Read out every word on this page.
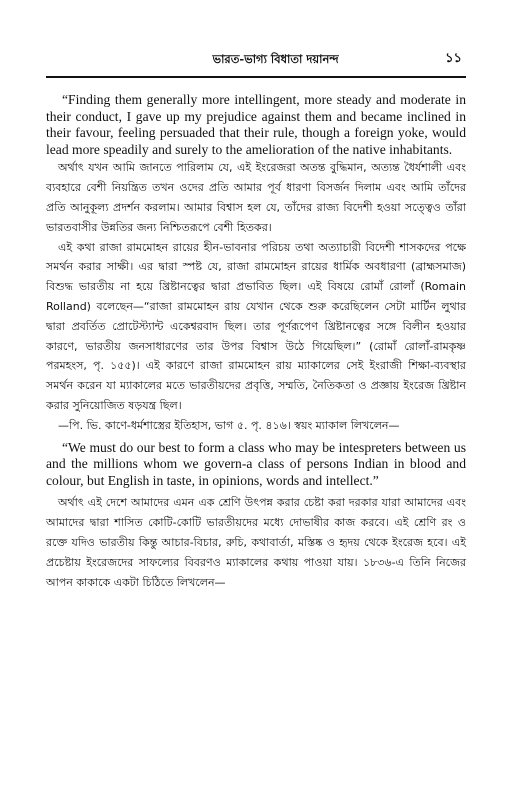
ভারত-ভাগ্য বিধাতা দয়ানন্দ	১১

“Finding them generally more intellingent, more steady and moderate in their conduct, I gave up my prejudice against them and became inclined in their favour, feeling persuaded that their rule, though a foreign yoke, would lead more speadily and surely to the amelioration of the native inhabitants.

অর্থাৎ যখন আমি জানতে পারিলাম যে, এই ইংরেজরা অতন্ত বুদ্ধিমান, অত্যন্ত ধৈর্যশালী এবং ব্যবহারে বেশী নিয়ন্ত্রিত তখন ওদের প্রতি আমার পূর্ব ধারণা বিসর্জন দিলাম এবং আমি তাঁদের প্রতি আনুকূল্য প্রদর্শন করলাম। আমার বিশ্বাস হল যে, তাঁদের রাজ্য বিদেশী হওয়া সত্ত্বেও তাঁরা ভারতবাসীর উন্নতির জন্য নিশ্চিতরূপে বেশী হিতকর।

এই কথা রাজা রামমোহন রায়ের হীন-ভাবনার পরিচয় তথা অত্যাচারী বিদেশী শাসকদের পক্ষে সমর্থন করার সাক্ষী। এর দ্বারা স্পষ্ট যে, রাজা রামমোহন রায়ের ধার্মিক অবধারণা (ব্রাহ্মসমাজ) বিশুদ্ধ ভারতীয় না হয়ে খ্রিষ্টানত্বের দ্বারা প্রভাবিত ছিল। এই বিষয়ে রোমাঁ রোলাঁ (Romain Rolland) বলেছেন—“রাজা রামমোহন রায় যেখান থেকে শুরু করেছিলেন সেটা মার্টিন লুথার দ্বারা প্রবর্তিত প্রোটেস্ট্যান্ট একেশ্বরবাদ ছিল। তার পূর্ণরূপেণ খ্রিষ্টানত্বের সঙ্গে বিলীন হওয়ার কারণে, ভারতীয় জনসাধারণের তার উপর বিশ্বাস উঠে গিয়েছিল।” (রোমাঁ রোলাঁ-রামকৃষ্ণ পরমহংস, পৃ. ১৫৫)। এই কারণে রাজা রামমোহন রায় ম্যাকালের সেই ইংরাজী শিক্ষা-ব্যবস্থার সমর্থন করেন যা ম্যাকালের মতে ভারতীয়দের প্রবৃত্তি, সম্মতি, নৈতিকতা ও প্রজ্ঞায় ইংরেজ খ্রিষ্টান করার সুনিয়োজিত ষড়যন্ত্র ছিল।

—পি. ভি. কাণে-ধর্মশাস্ত্রের ইতিহাস, ভাগ ৫. পৃ. ৪১৬। স্বয়ং ম্যাকাল লিখলেন—

“We must do our best to form a class who may be intespreters between us and the millions whom we govern-a class of persons Indian in blood and colour, but English in taste, in opinions, words and intellect.”

অর্থাৎ এই দেশে আমাদের এমন এক শ্রেণি উৎপন্ন করার চেষ্টা করা দরকার যারা আমাদের এবং আমাদের দ্বারা শাসিত কোটি-কোটি ভারতীয়দের মধ্যে দোভাষীর কাজ করবে। এই শ্রেণি রং ও রক্তে যদিও ভারতীয় কিন্তু আচার-বিচার, রুচি, কথাবার্তা, মস্তিষ্ক ও হৃদয় থেকে ইংরেজ হবে। এই প্রচেষ্টায় ইংরেজদের সাফল্যের বিবরণও ম্যাকালের কথায় পাওয়া যায়। ১৮৩৬-এ তিনি নিজের আপন কাকাকে একটা চিঠিতে লিখলেন—
